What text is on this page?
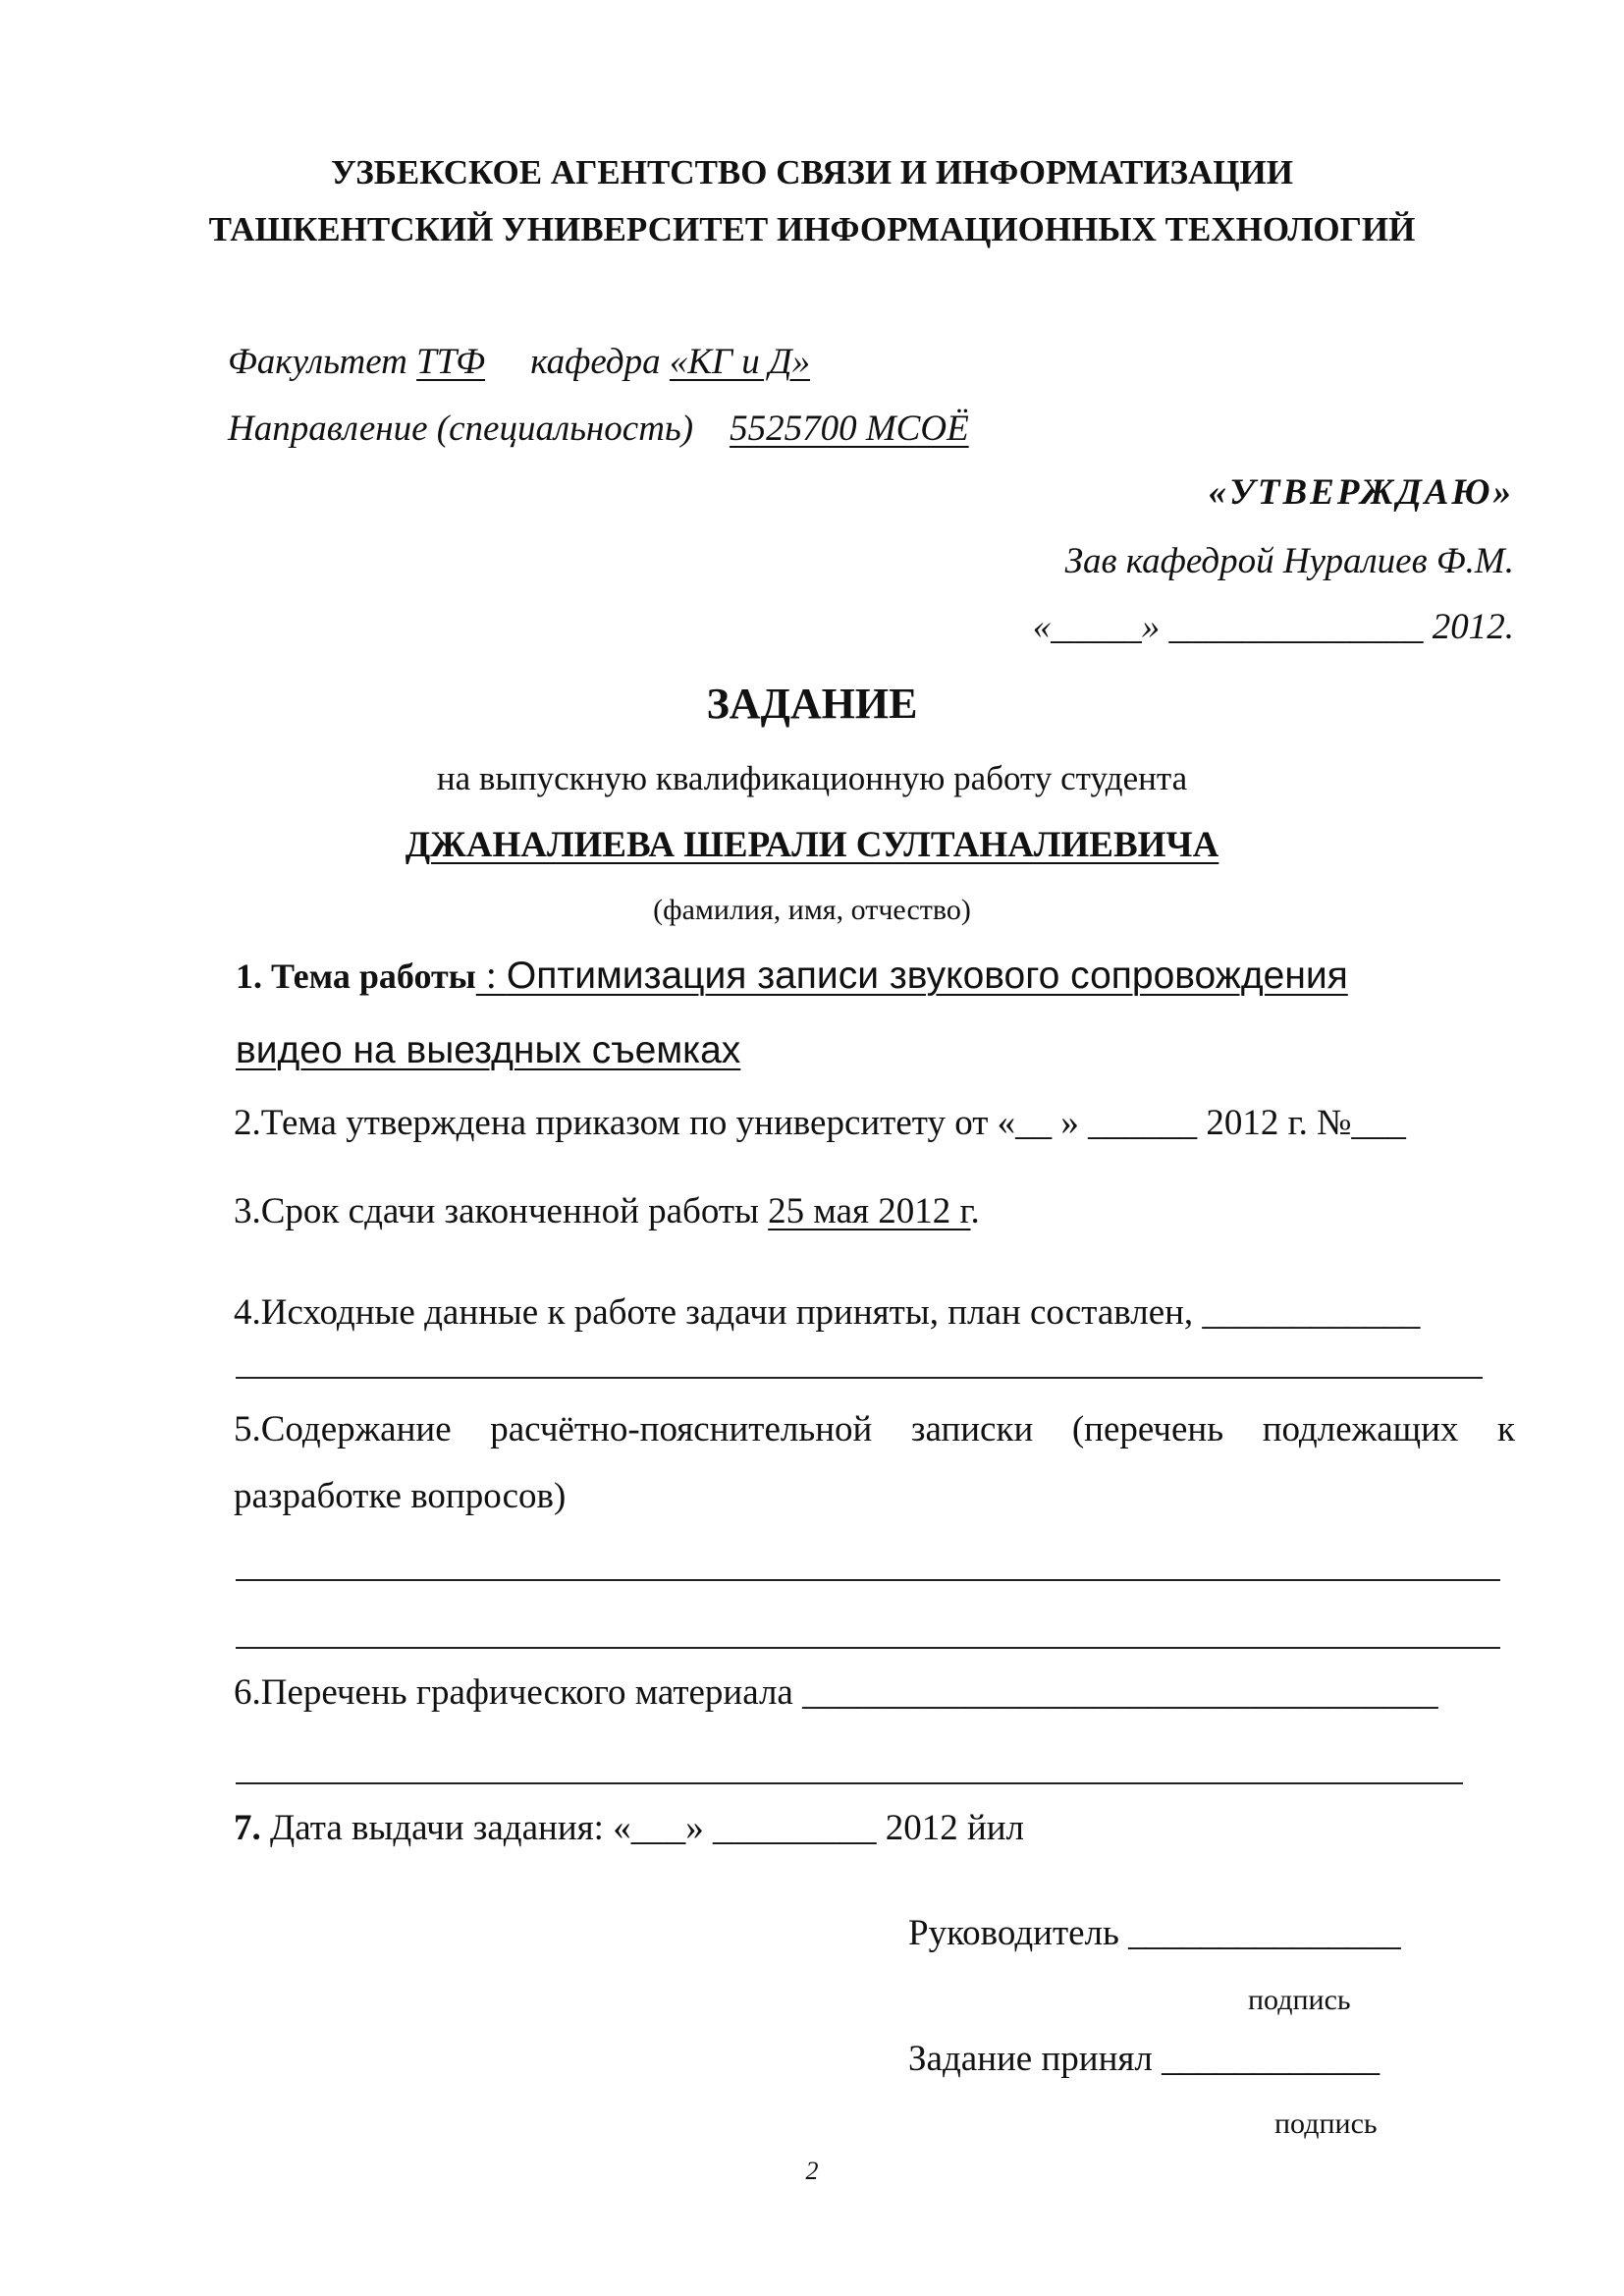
УЗБЕКСКОЕ АГЕНТСТВО СВЯЗИ И ИНФОРМАТИЗАЦИИ
ТАШКЕНТСКИЙ УНИВЕРСИТЕТ ИНФОРМАЦИОННЫХ ТЕХНОЛОГИЙ
Факультет ТТФ кафедра «КГ и Д»
Направление (специальность) 5525700 МСОЁ
«УТВЕРЖДАЮ»
Зав кафедрой Нуралиев Ф.М.
«_____» ______________ 2012.
ЗАДАНИЕ
на выпускную квалификационную работу студента
ДЖАНАЛИЕВА ШЕРАЛИ СУЛТАНАЛИЕВИЧА
(фамилия, имя, отчество)
1. Тема работы : Оптимизация записи звукового сопровождения
видео на выездных съемках
2.Тема утверждена приказом по университету от «__ » ______ 2012 г. №___
3.Срок сдачи законченной работы 25 мая 2012 г.
4.Исходные данные к работе задачи приняты, план составлен, ____________
5.Содержание расчётно-пояснительной записки (перечень подлежащих к
разработке вопросов)
6.Перечень графического материала ___________________________________
7. Дата выдачи задания: «___» _________ 2012 йил
Руководитель _______________
подпись
Задание принял ____________
подпись
2
